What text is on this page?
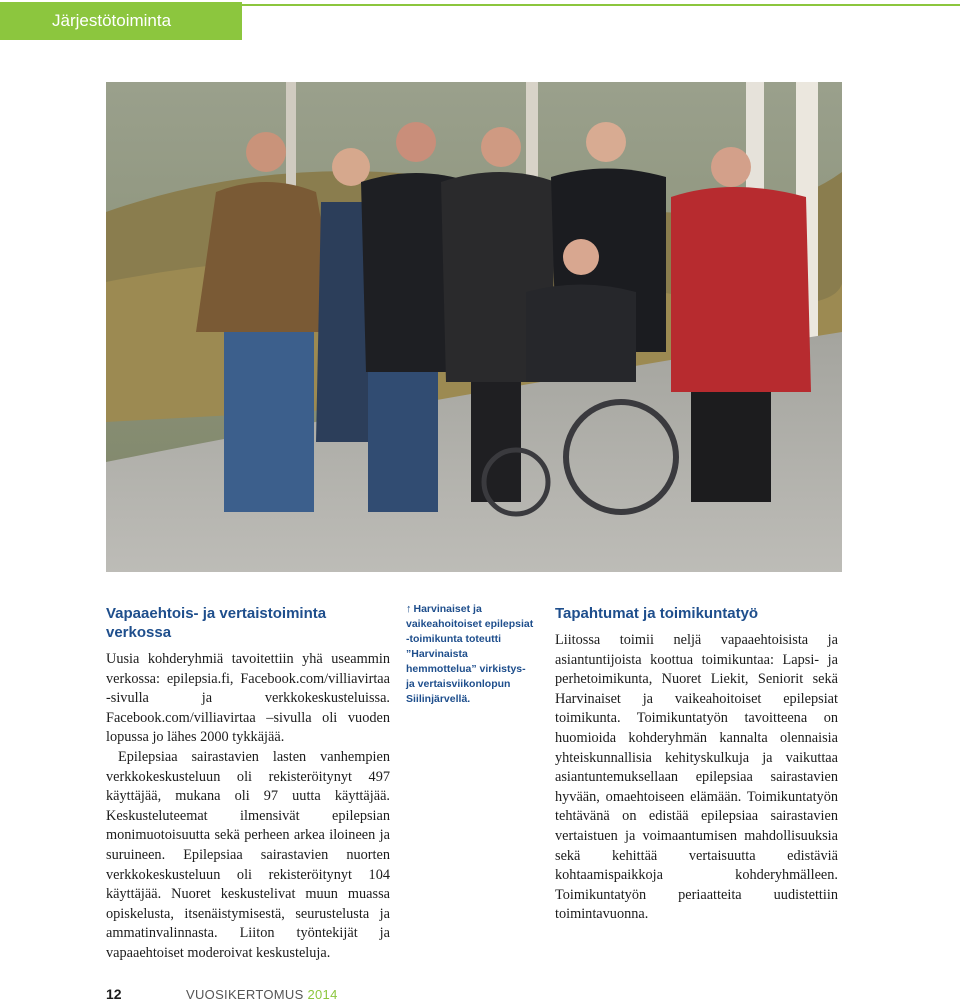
Järjestötoiminta
Vapaaehtois- ja vertaistoiminta verkossa

Uusia kohderyhmiä tavoitettiin yhä useammin verkossa: epilepsia.fi, Facebook.com/villiavirtaa -sivulla ja verkkokeskusteluissa. Facebook.com/villiavirtaa –sivulla oli vuoden lopussa jo lähes 2000 tykkäjää.

Epilepsiaa sairastavien lasten vanhempien verkkokeskusteluun oli rekisteröitynyt 497 käyttäjää, mukana oli 97 uutta käyttäjää. Keskusteluteemat ilmensivät epilepsian monimuotoisuutta sekä perheen arkea iloineen ja suruineen. Epilepsiaa sairastavien nuorten verkkokeskusteluun oli rekisteröitynyt 104 käyttäjää. Nuoret keskustelivat muun muassa opiskelusta, itsenäistymisestä, seurustelusta ja ammatinvalinnasta. Liiton työntekijät ja vapaaehtoiset moderoivat keskusteluja.

↑ Harvinaiset ja vaikeahoitoiset epilepsiat -toimikunta toteutti ”Harvinaista hemmottelua” virkistys- ja vertaisviikonlopun Siilinjärvellä.
Tapahtumat ja toimikuntatyö

Liitossa toimii neljä vapaaehtoisista ja asiantuntijoista koottua toimikuntaa: Lapsi- ja perhetoimikunta, Nuoret Liekit, Seniorit sekä Harvinaiset ja vaikeahoitoiset epilepsiat toimikunta. Toimikuntatyön tavoitteena on huomioida kohderyhmän kannalta olennaisia yhteiskunnallisia kehityskulkuja ja vaikuttaa asiantuntemuksellaan epilepsiaa sairastavien hyvään, omaehtoiseen elämään. Toimikuntatyön tehtävänä on edistää epilepsiaa sairastavien vertaistuen ja voimaantumisen mahdollisuuksia sekä kehittää vertaisuutta edistäviä kohtaamispaikkoja kohderyhmälleen. Toimikuntatyön periaatteita uudistettiin toimintavuonna.

12	VUOSIKERTOMUS 2014
